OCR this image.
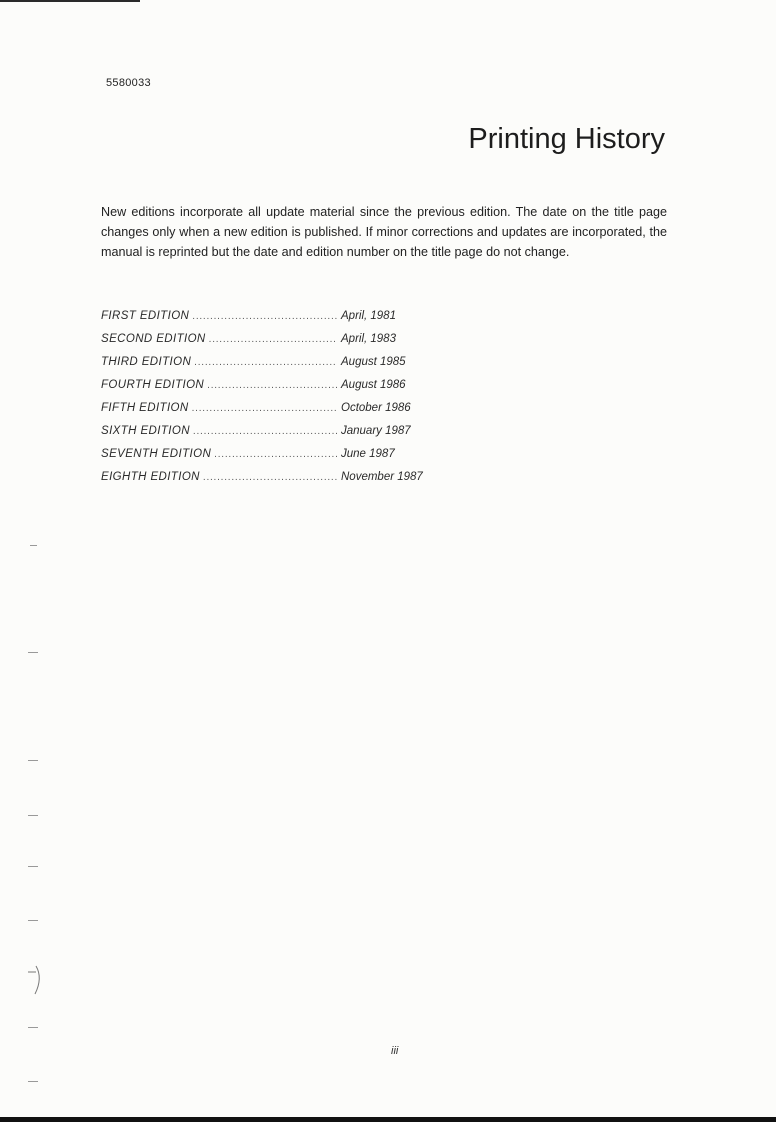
5580033
Printing History

New editions incorporate all update material since the previous edition. The date on the title page changes only when a new edition is published. If minor corrections and updates are incorporated, the manual is reprinted but the date and edition number on the title page do not change.

FIRST EDITION . . .	April, 1981
SECOND EDITION . . .	April, 1983
THIRD EDITION . . .	August 1985
FOURTH EDITION . . .	August 1986
FIFTH EDITION . . .	October 1986
SIXTH EDITION . . .	January 1987
SEVENTH EDITION . . .	June 1987
EIGHTH EDITION . . .	November 1987
iii
